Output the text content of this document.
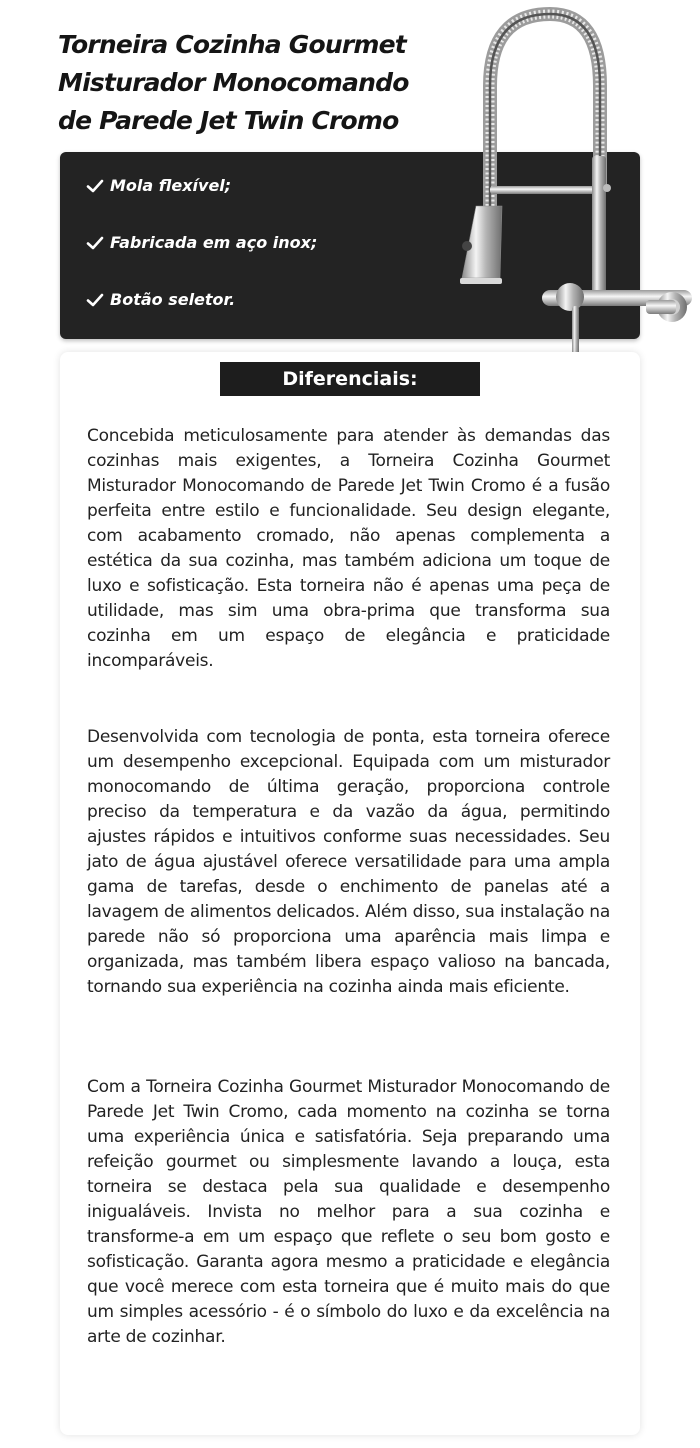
Torneira Cozinha Gourmet
Misturador Monocomando
de Parede Jet Twin Cromo
Mola flexível;
Fabricada em aço inox;
Botão seletor.
Diferenciais:

Concebida meticulosamente para atender às demandas das cozinhas mais exigentes, a Torneira Cozinha Gourmet Misturador Monocomando de Parede Jet Twin Cromo é a fusão perfeita entre estilo e funcionalidade. Seu design elegante, com acabamento cromado, não apenas complementa a estética da sua cozinha, mas também adiciona um toque de luxo e sofisticação. Esta torneira não é apenas uma peça de utilidade, mas sim uma obra-prima que transforma sua cozinha em um espaço de elegância e praticidade incomparáveis.

Desenvolvida com tecnologia de ponta, esta torneira oferece um desempenho excepcional. Equipada com um misturador monocomando de última geração, proporciona controle preciso da temperatura e da vazão da água, permitindo ajustes rápidos e intuitivos conforme suas necessidades. Seu jato de água ajustável oferece versatilidade para uma ampla gama de tarefas, desde o enchimento de panelas até a lavagem de alimentos delicados. Além disso, sua instalação na parede não só proporciona uma aparência mais limpa e organizada, mas também libera espaço valioso na bancada, tornando sua experiência na cozinha ainda mais eficiente.

Com a Torneira Cozinha Gourmet Misturador Monocomando de Parede Jet Twin Cromo, cada momento na cozinha se torna uma experiência única e satisfatória. Seja preparando uma refeição gourmet ou simplesmente lavando a louça, esta torneira se destaca pela sua qualidade e desempenho inigualáveis. Invista no melhor para a sua cozinha e transforme-a em um espaço que reflete o seu bom gosto e sofisticação. Garanta agora mesmo a praticidade e elegância que você merece com esta torneira que é muito mais do que um simples acessório - é o símbolo do luxo e da excelência na arte de cozinhar.
